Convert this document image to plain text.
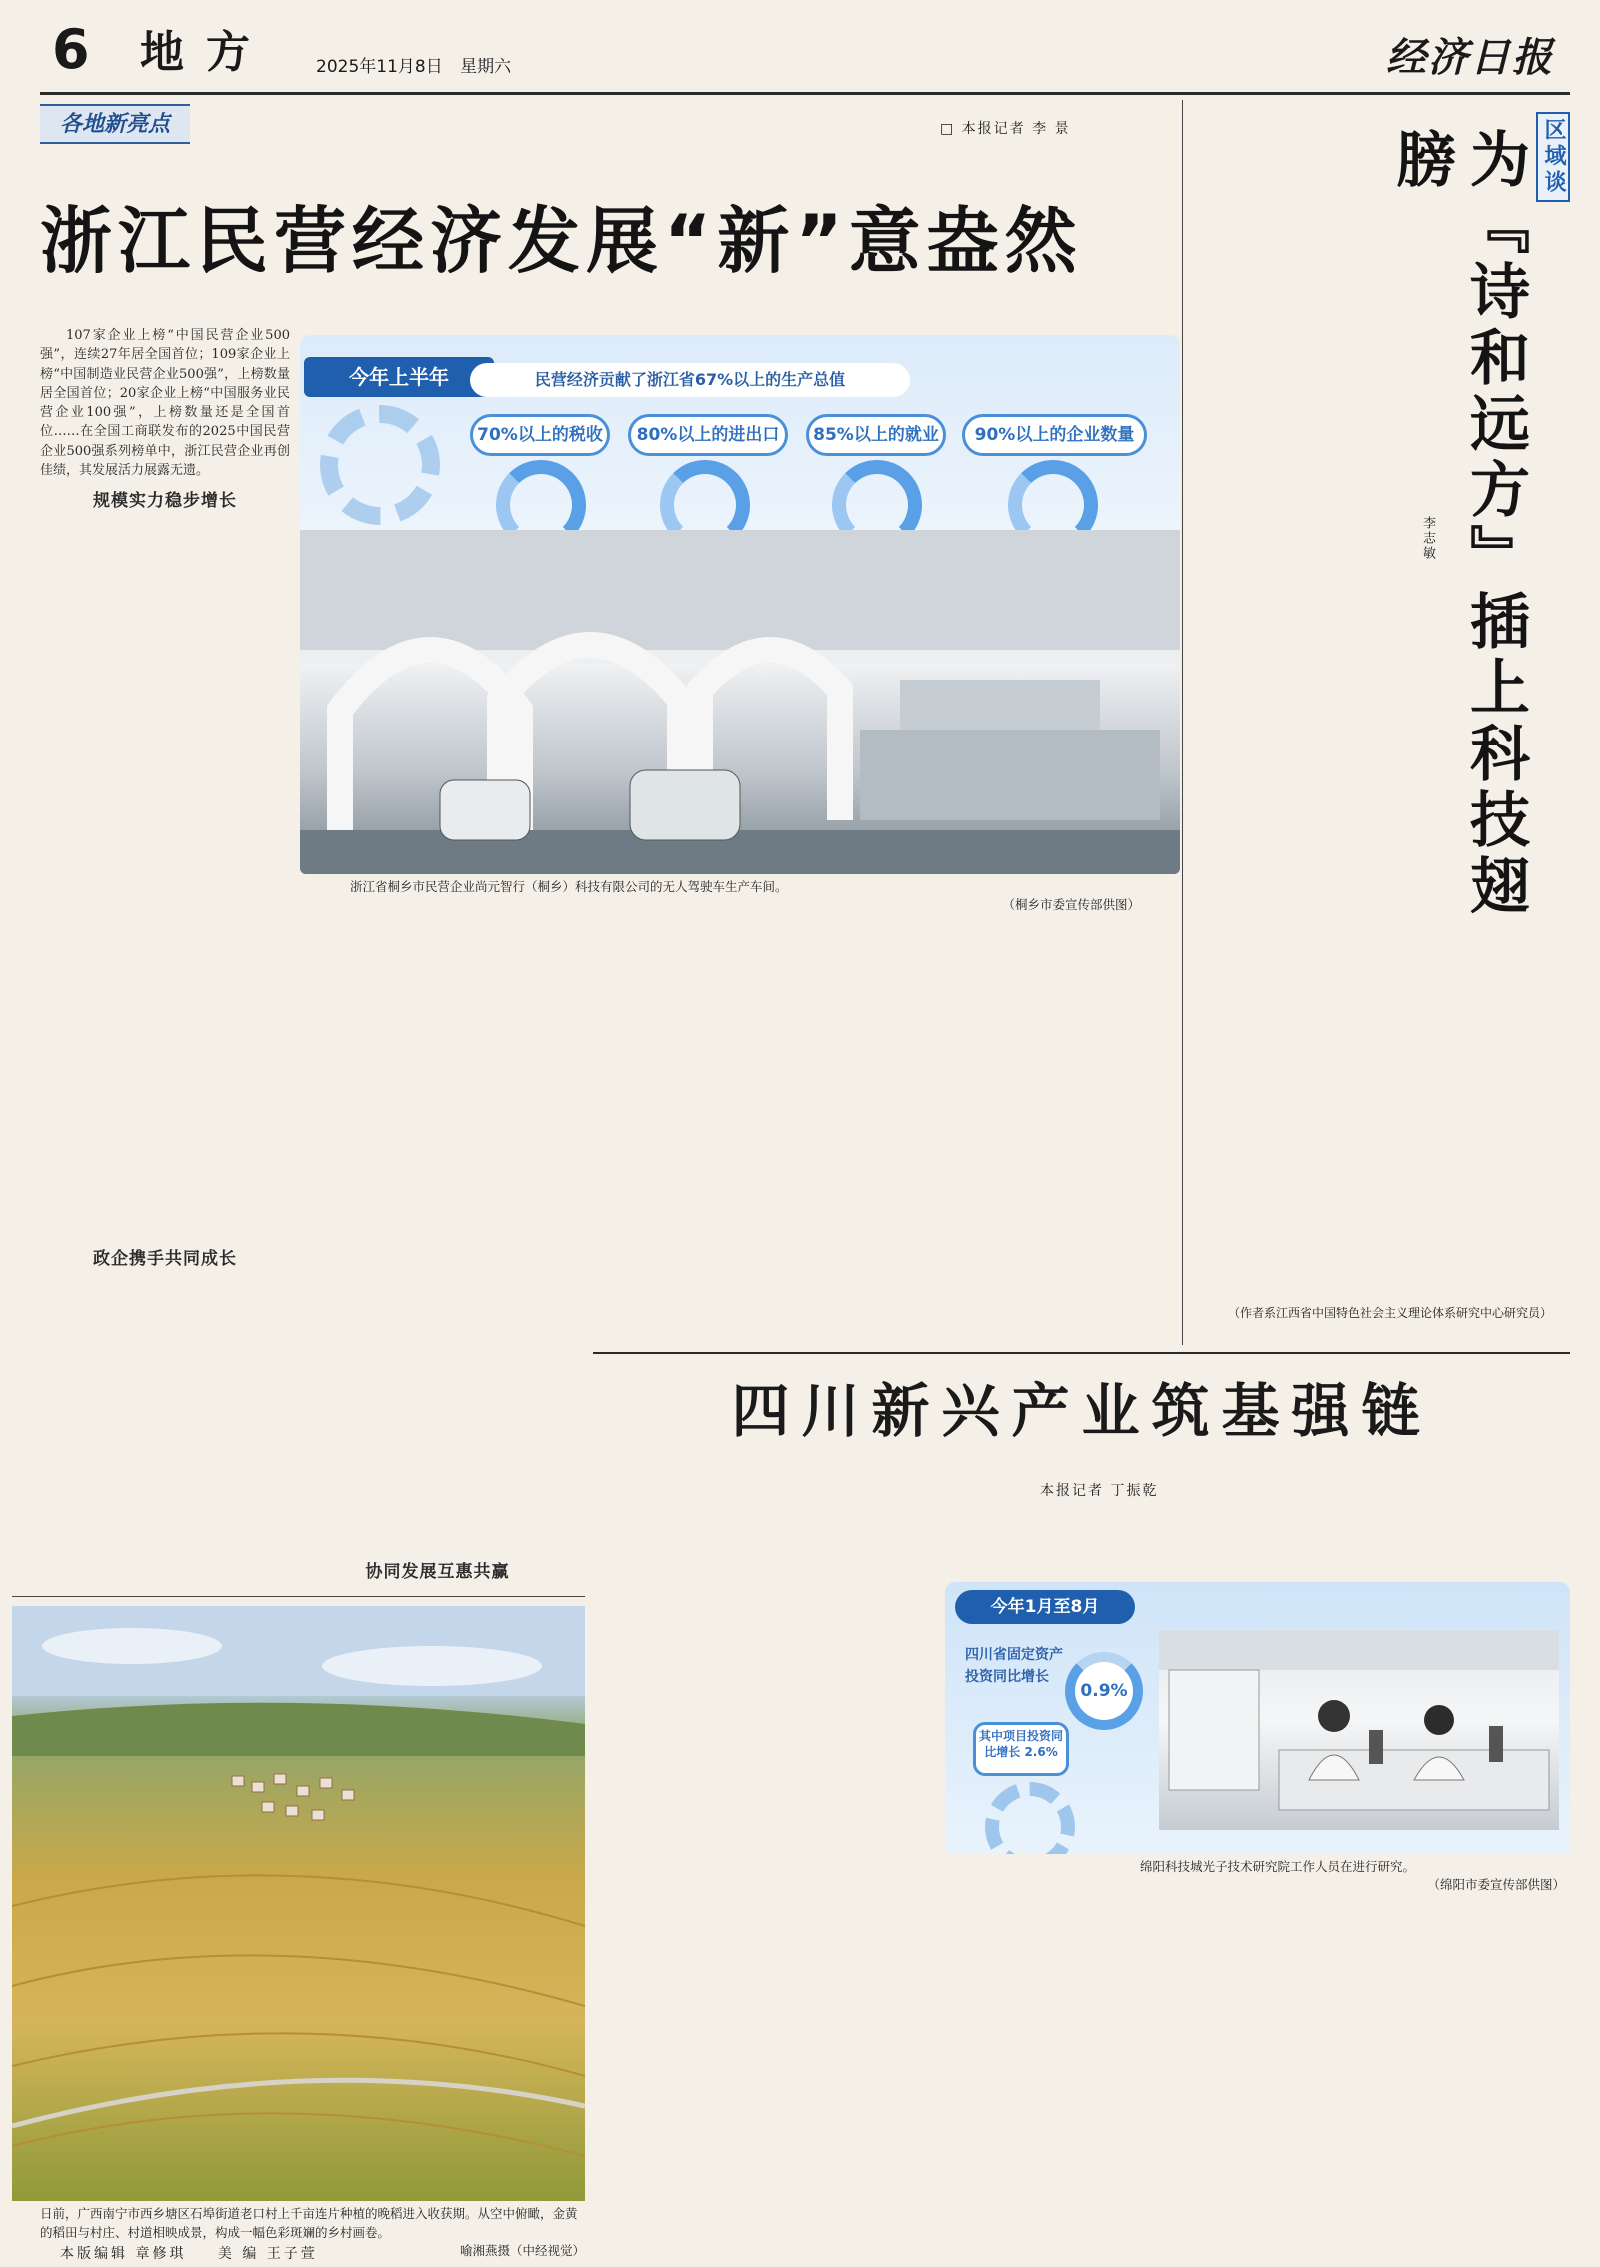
6 地方	2025年11月8日 星期六	经济日报
各地新亮点	□ 本报记者 李 景
浙江民营经济发展“新”意盎然

107家企业上榜“中国民营企业500强”，连续27年居全国首位；109家企业上榜“中国制造业民营企业500强”，上榜数量居全国首位；20家企业上榜“中国服务业民营企业100强”，上榜数量还是全国首位……在全国工商联发布的2025中国民营企业500强系列榜单中，浙江民营企业再创佳绩，其发展活力展露无遗。

规模实力稳步增长
政企携手共同成长
今年上半年	民营经济贡献了浙江省67%以上的生产总值
70%以上的税收	80%以上的进出口	85%以上的就业	90%以上的企业数量
浙江省桐乡市民营企业尚元智行（桐乡）科技有限公司的无人驾驶车生产车间。
（桐乡市委宣传部供图）
协同发展互惠共赢
区域谈
为『诗和远方』插上科技翅膀
李志敏
（作者系江西省中国特色社会主义理论体系研究中心研究员）
日前，广西南宁市西乡塘区石埠街道老口村上千亩连片种植的晚稻进入收获期。从空中俯瞰，金黄的稻田与村庄、村道相映成景，构成一幅色彩斑斓的乡村画卷。
喻湘燕摄（中经视觉）
四川新兴产业筑基强链
本报记者 丁振乾
今年1月至8月
四川省固定资产投资同比增长
0.9%
其中项目投资同比增长 2.6%
绵阳科技城光子技术研究院工作人员在进行研究。
（绵阳市委宣传部供图）
本版编辑 章修琪 美 编 王子萱
